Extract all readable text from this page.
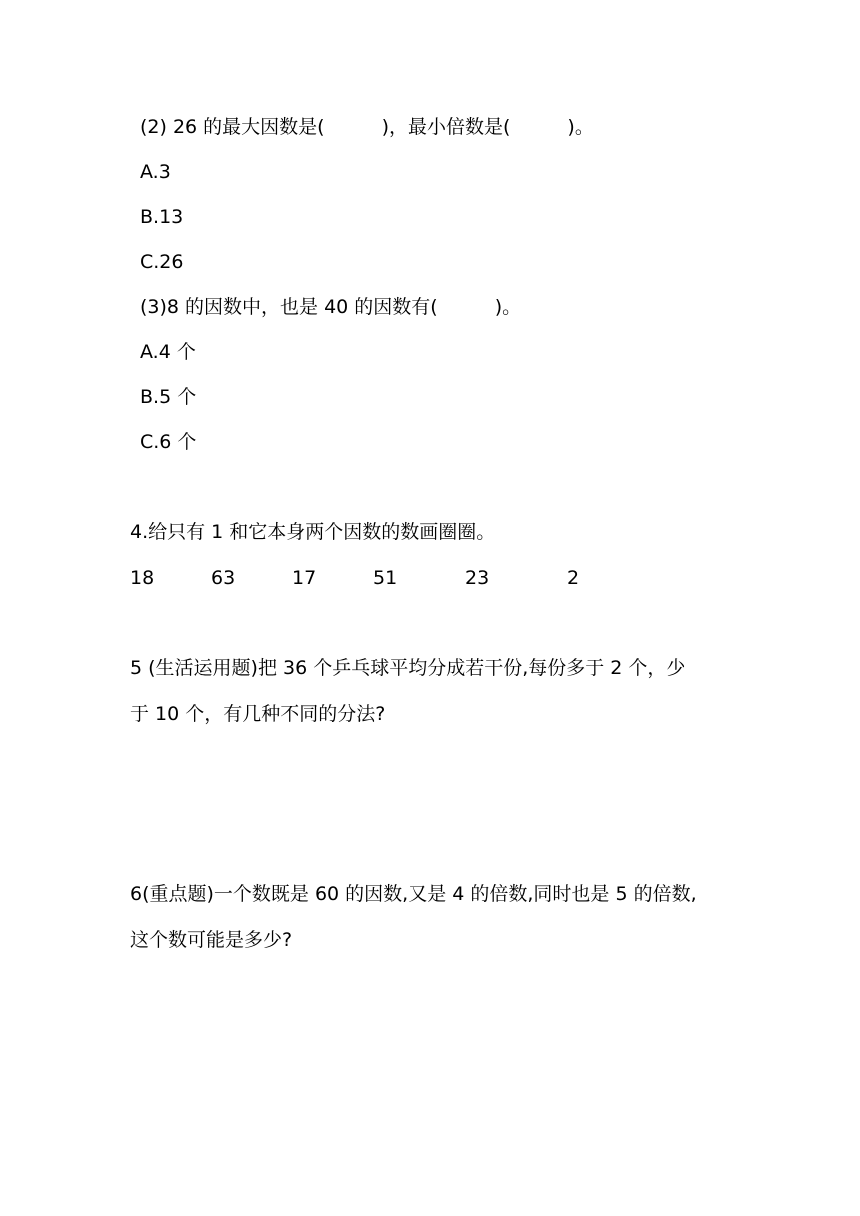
(2) 26 的最大因数是(　　　)，最小倍数是(　　　)。
A.3
B.13
C.26
(3)8 的因数中，也是 40 的因数有(　　　)。
A.4 个
B.5 个
C.6 个
4.给只有 1 和它本身两个因数的数画圈圈。
18	63	17	51	23	2
5 (生活运用题)把 36 个乒乓球平均分成若干份,每份多于 2 个，少
于 10 个，有几种不同的分法?
6(重点题)一个数既是 60 的因数,又是 4 的倍数,同时也是 5 的倍数,
这个数可能是多少?
